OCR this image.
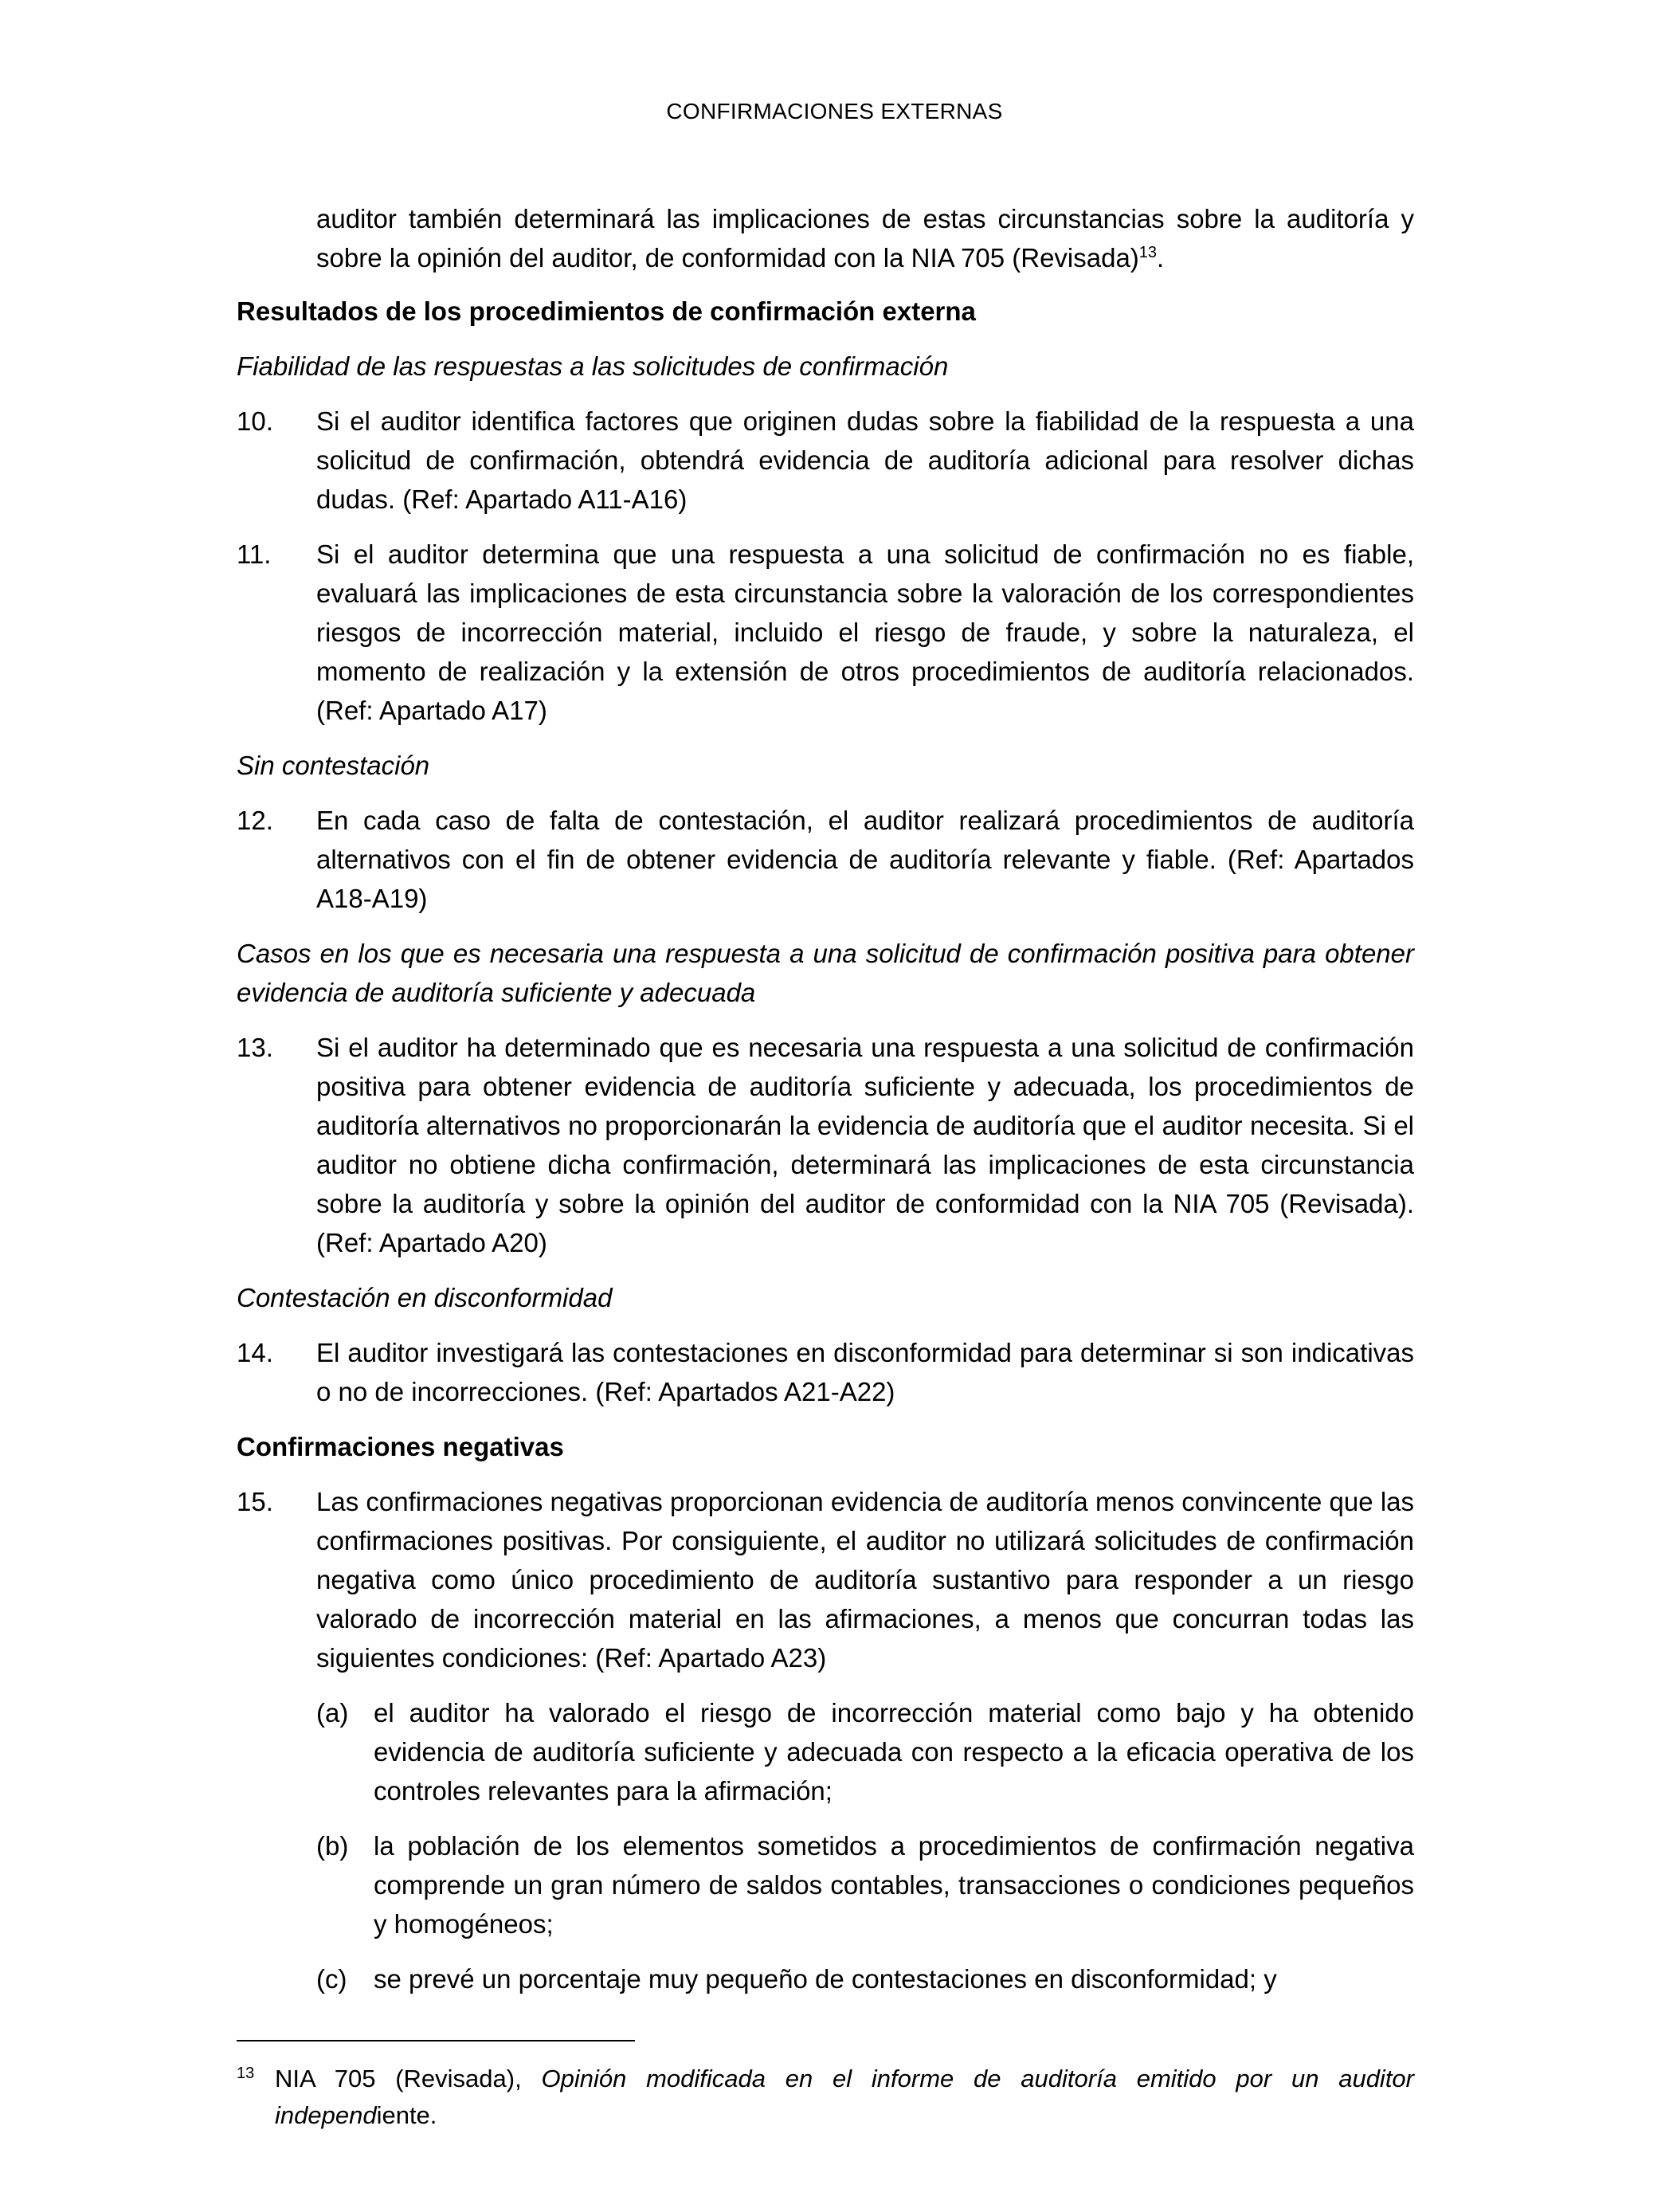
CONFIRMACIONES EXTERNAS
auditor también determinará las implicaciones de estas circunstancias sobre la auditoría y sobre la opinión del auditor, de conformidad con la NIA 705 (Revisada)$^{13}$.
Resultados de los procedimientos de confirmación externa
Fiabilidad de las respuestas a las solicitudes de confirmación
10.	Si el auditor identifica factores que originen dudas sobre la fiabilidad de la respuesta a una solicitud de confirmación, obtendrá evidencia de auditoría adicional para resolver dichas dudas. (Ref: Apartado A11-A16)
11.	Si el auditor determina que una respuesta a una solicitud de confirmación no es fiable, evaluará las implicaciones de esta circunstancia sobre la valoración de los correspondientes riesgos de incorrección material, incluido el riesgo de fraude, y sobre la naturaleza, el momento de realización y la extensión de otros procedimientos de auditoría relacionados. (Ref: Apartado A17)
Sin contestación
12.	En cada caso de falta de contestación, el auditor realizará procedimientos de auditoría alternativos con el fin de obtener evidencia de auditoría relevante y fiable. (Ref: Apartados A18-A19)
Casos en los que es necesaria una respuesta a una solicitud de confirmación positiva para obtener evidencia de auditoría suficiente y adecuada
13.	Si el auditor ha determinado que es necesaria una respuesta a una solicitud de confirmación positiva para obtener evidencia de auditoría suficiente y adecuada, los procedimientos de auditoría alternativos no proporcionarán la evidencia de auditoría que el auditor necesita. Si el auditor no obtiene dicha confirmación, determinará las implicaciones de esta circunstancia sobre la auditoría y sobre la opinión del auditor de conformidad con la NIA 705 (Revisada). (Ref: Apartado A20)
Contestación en disconformidad
14.	El auditor investigará las contestaciones en disconformidad para determinar si son indicativas o no de incorrecciones. (Ref: Apartados A21-A22)
Confirmaciones negativas
15.	Las confirmaciones negativas proporcionan evidencia de auditoría menos convincente que las confirmaciones positivas. Por consiguiente, el auditor no utilizará solicitudes de confirmación negativa como único procedimiento de auditoría sustantivo para responder a un riesgo valorado de incorrección material en las afirmaciones, a menos que concurran todas las siguientes condiciones: (Ref: Apartado A23)
(a) el auditor ha valorado el riesgo de incorrección material como bajo y ha obtenido evidencia de auditoría suficiente y adecuada con respecto a la eficacia operativa de los controles relevantes para la afirmación;
(b) la población de los elementos sometidos a procedimientos de confirmación negativa comprende un gran número de saldos contables, transacciones o condiciones pequeños y homogéneos;
(c)	se prevé un porcentaje muy pequeño de contestaciones en disconformidad; y
13 NIA 705 (Revisada), Opinión modificada en el informe de auditoría emitido por un auditor independiente.
